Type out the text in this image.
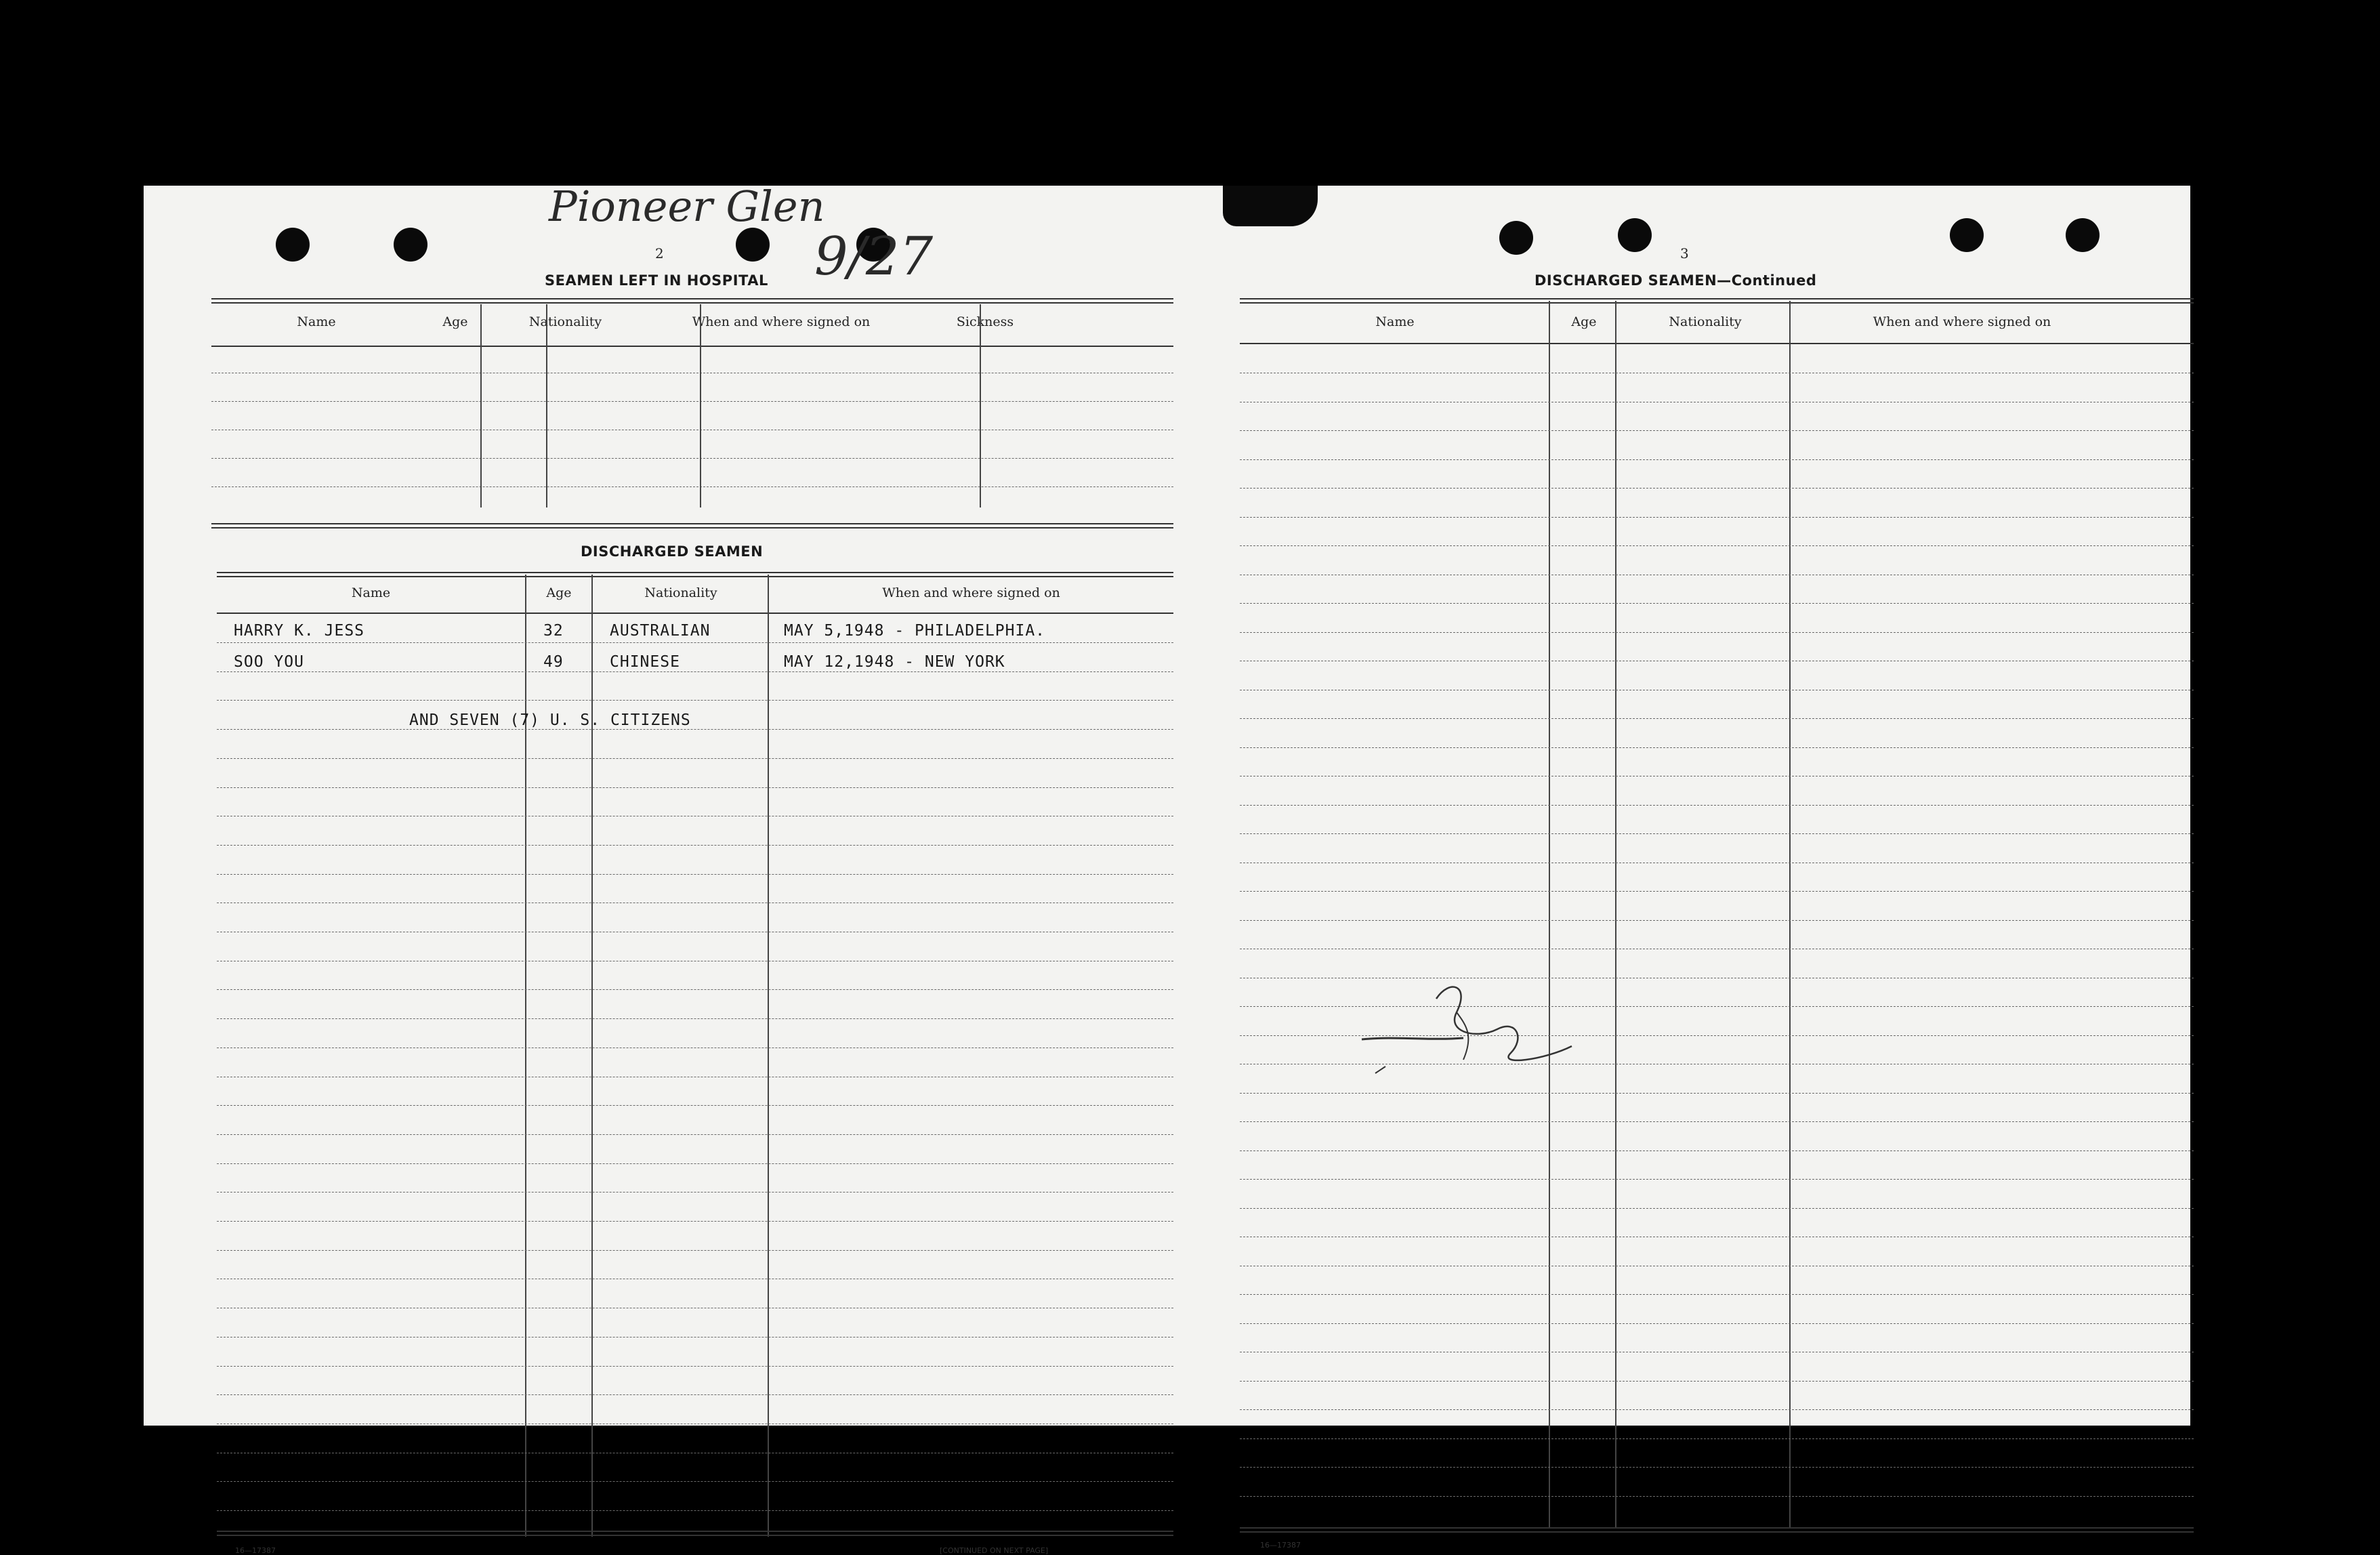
Pioneer Glen
9/27
2
SEAMEN LEFT IN HOSPITAL
Name	Age	Nationality	When and where signed on	Sickness
DISCHARGED SEAMEN
Name	Age	Nationality	When and where signed on
HARRY K. JESS	32	AUSTRALIAN	MAY 5,1948 - PHILADELPHIA.
SOO YOU	49	CHINESE	MAY 12,1948 - NEW YORK
AND SEVEN (7) U. S. CITIZENS
16—17387	[CONTINUED ON NEXT PAGE]
3
DISCHARGED SEAMEN—Continued
Name	Age	Nationality	When and where signed on
16—17387
